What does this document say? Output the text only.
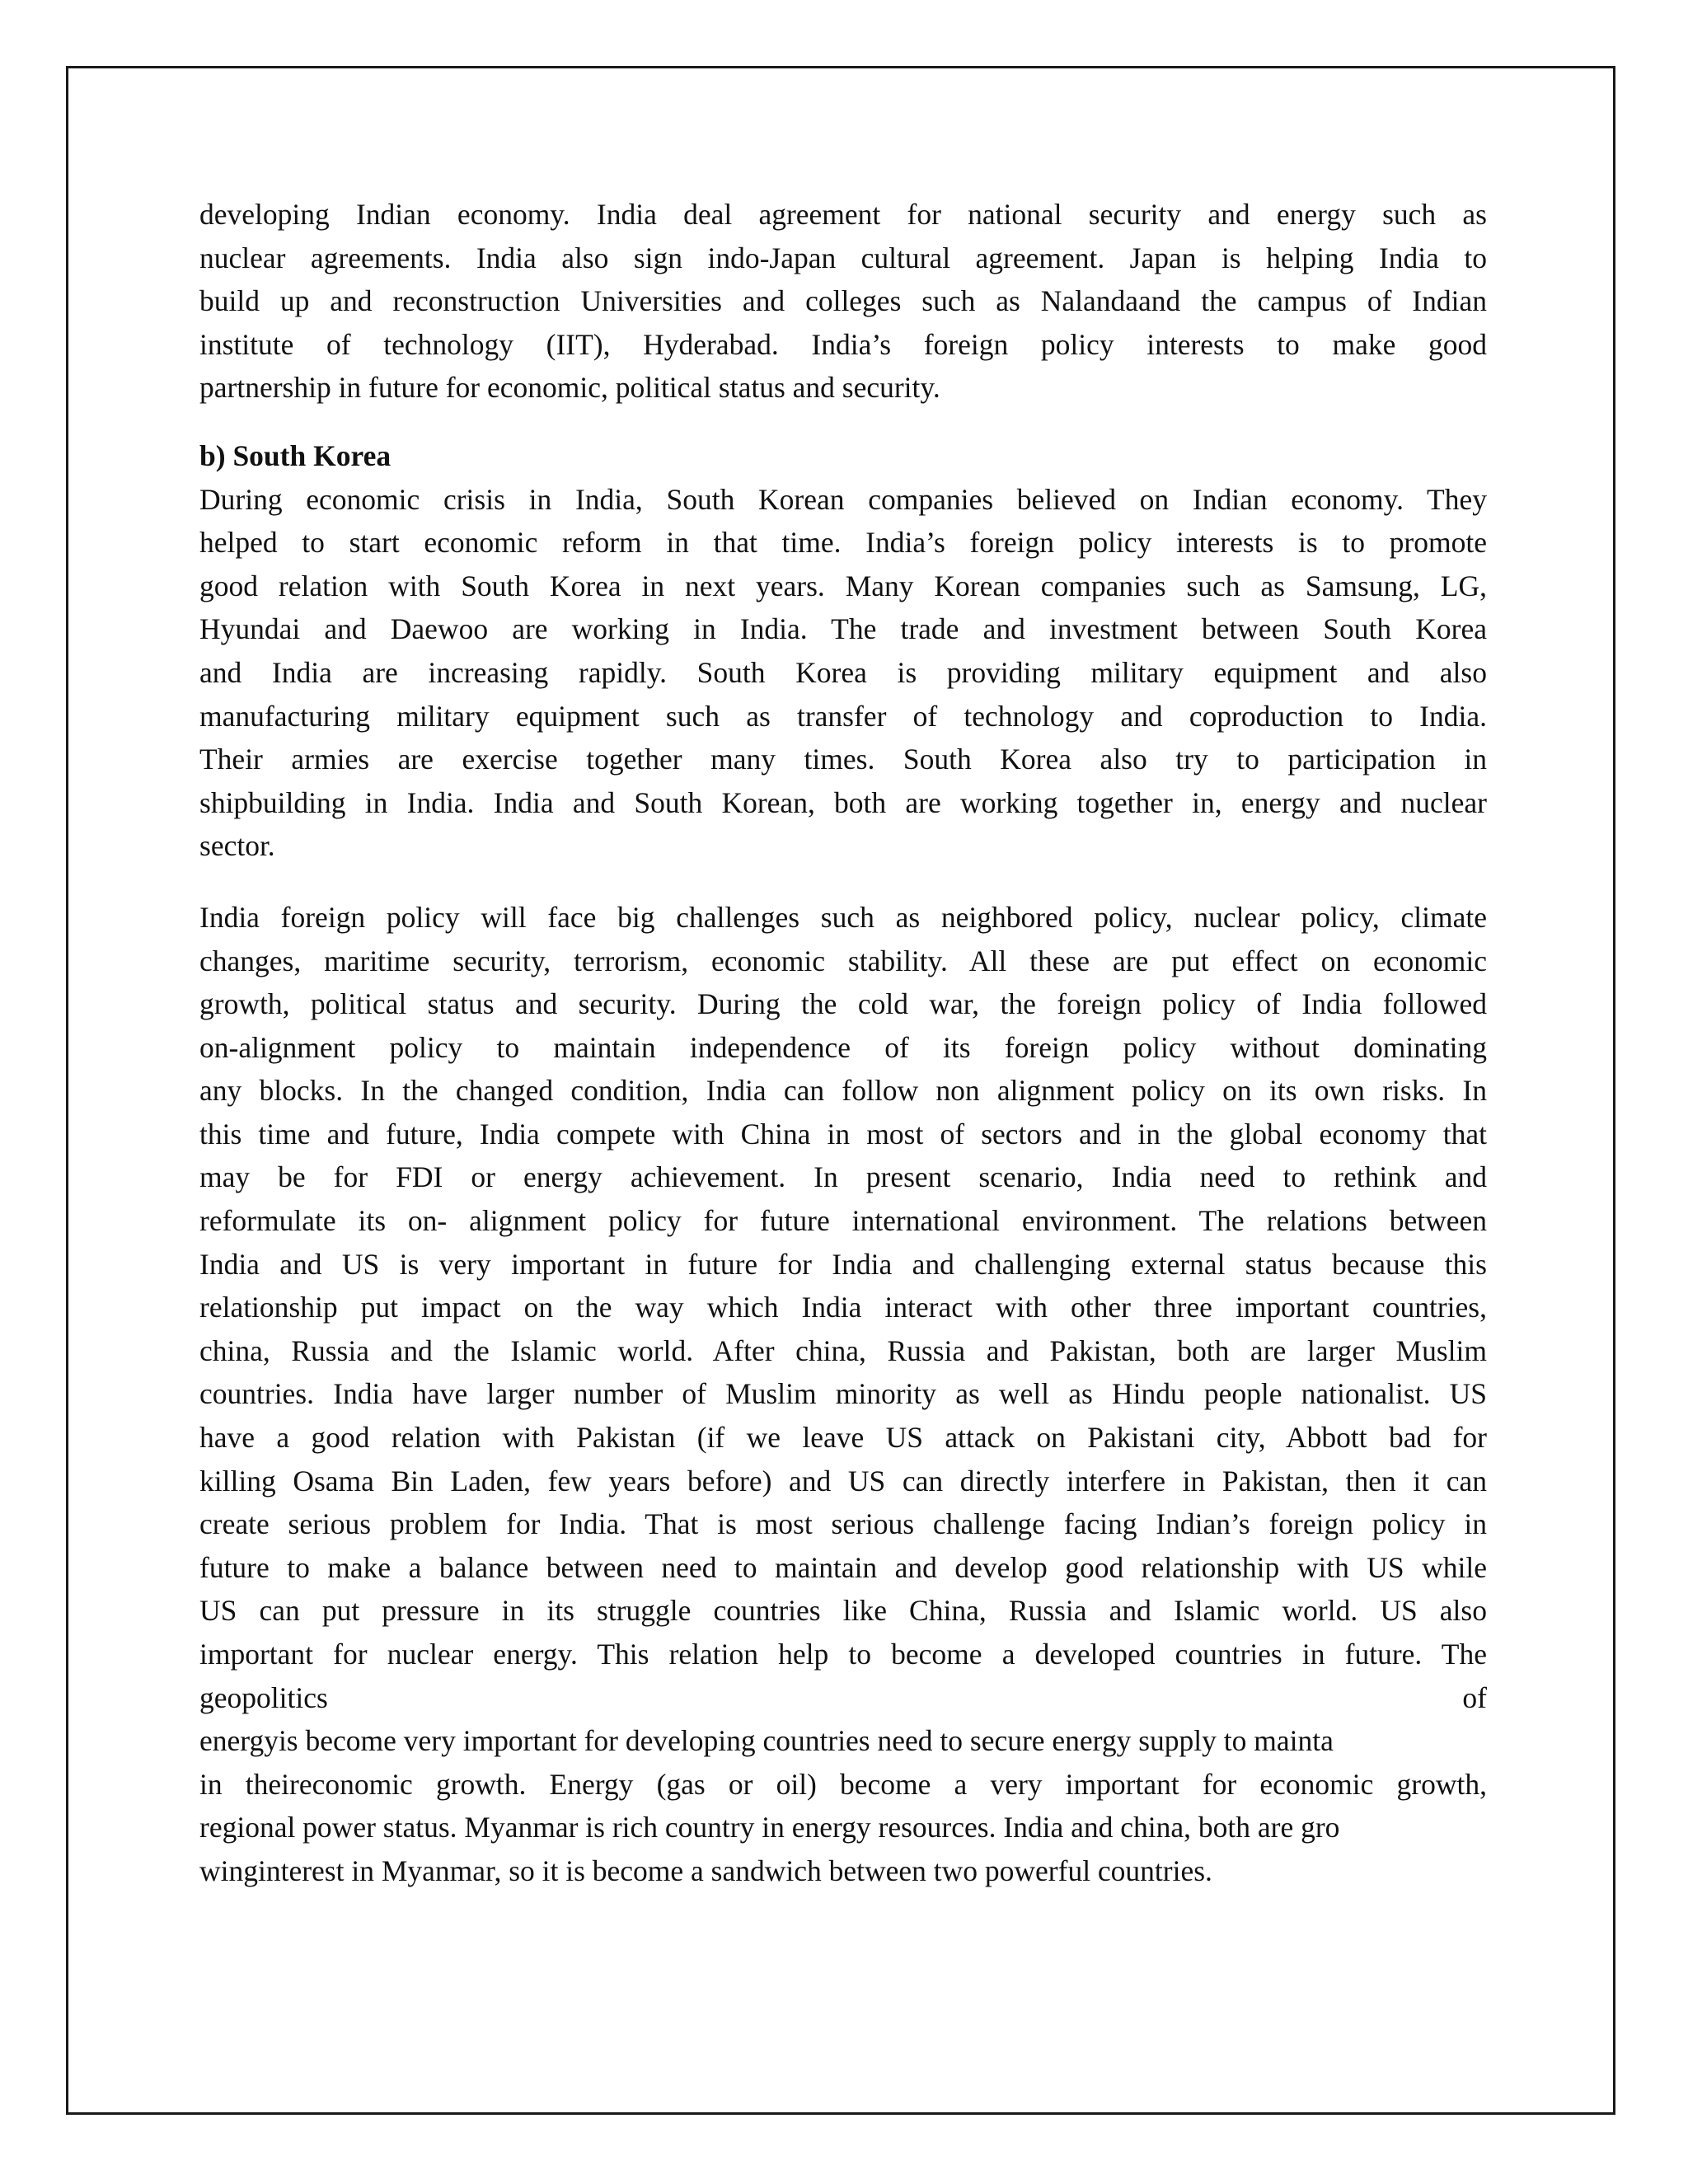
developing Indian economy. India deal agreement for national security and energy such as
nuclear agreements. India also sign indo-Japan cultural agreement. Japan is helping India to
build up and reconstruction Universities and colleges such as Nalandaand the campus of Indian
institute of technology (IIT), Hyderabad. India’s foreign policy interests to make good
partnership in future for economic, political status and security.
b) South Korea
During economic crisis in India, South Korean companies believed on Indian economy. They
helped to start economic reform in that time. India’s foreign policy interests is to promote
good relation with South Korea in next years. Many Korean companies such as Samsung, LG,
Hyundai and Daewoo are working in India. The trade and investment between South Korea
and India are increasing rapidly. South Korea is providing military equipment and also
manufacturing military equipment such as transfer of technology and coproduction to India.
Their armies are exercise together many times. South Korea also try to participation in
shipbuilding in India. India and South Korean, both are working together in, energy and nuclear
sector.
India foreign policy will face big challenges such as neighbored policy, nuclear policy, climate
changes, maritime security, terrorism, economic stability. All these are put effect on economic
growth, political status and security. During the cold war, the foreign policy of India followed
on-alignment policy to maintain independence of its foreign policy without dominating
any blocks. In the changed condition, India can follow non alignment policy on its own risks. In
this time and future, India compete with China in most of sectors and in the global economy that
may be for FDI or energy achievement. In present scenario, India need to rethink and
reformulate its on- alignment policy for future international environment. The relations between
India and US is very important in future for India and challenging external status because this
relationship put impact on the way which India interact with other three important countries,
china, Russia and the Islamic world. After china, Russia and Pakistan, both are larger Muslim
countries. India have larger number of Muslim minority as well as Hindu people nationalist. US
have a good relation with Pakistan (if we leave US attack on Pakistani city, Abbott bad for
killing Osama Bin Laden, few years before) and US can directly interfere in Pakistan, then it can
create serious problem for India. That is most serious challenge facing Indian’s foreign policy in
future to make a balance between need to maintain and develop good relationship with US while
US can put pressure in its struggle countries like China, Russia and Islamic world. US also
important for nuclear energy. This relation help to become a developed countries in future. The
geopolitics of
energyis become very important for developing countries need to secure energy supply to mainta
in theireconomic growth. Energy (gas or oil) become a very important for economic growth,
regional power status. Myanmar is rich country in energy resources. India and china, both are gro
winginterest in Myanmar, so it is become a sandwich between two powerful countries.
